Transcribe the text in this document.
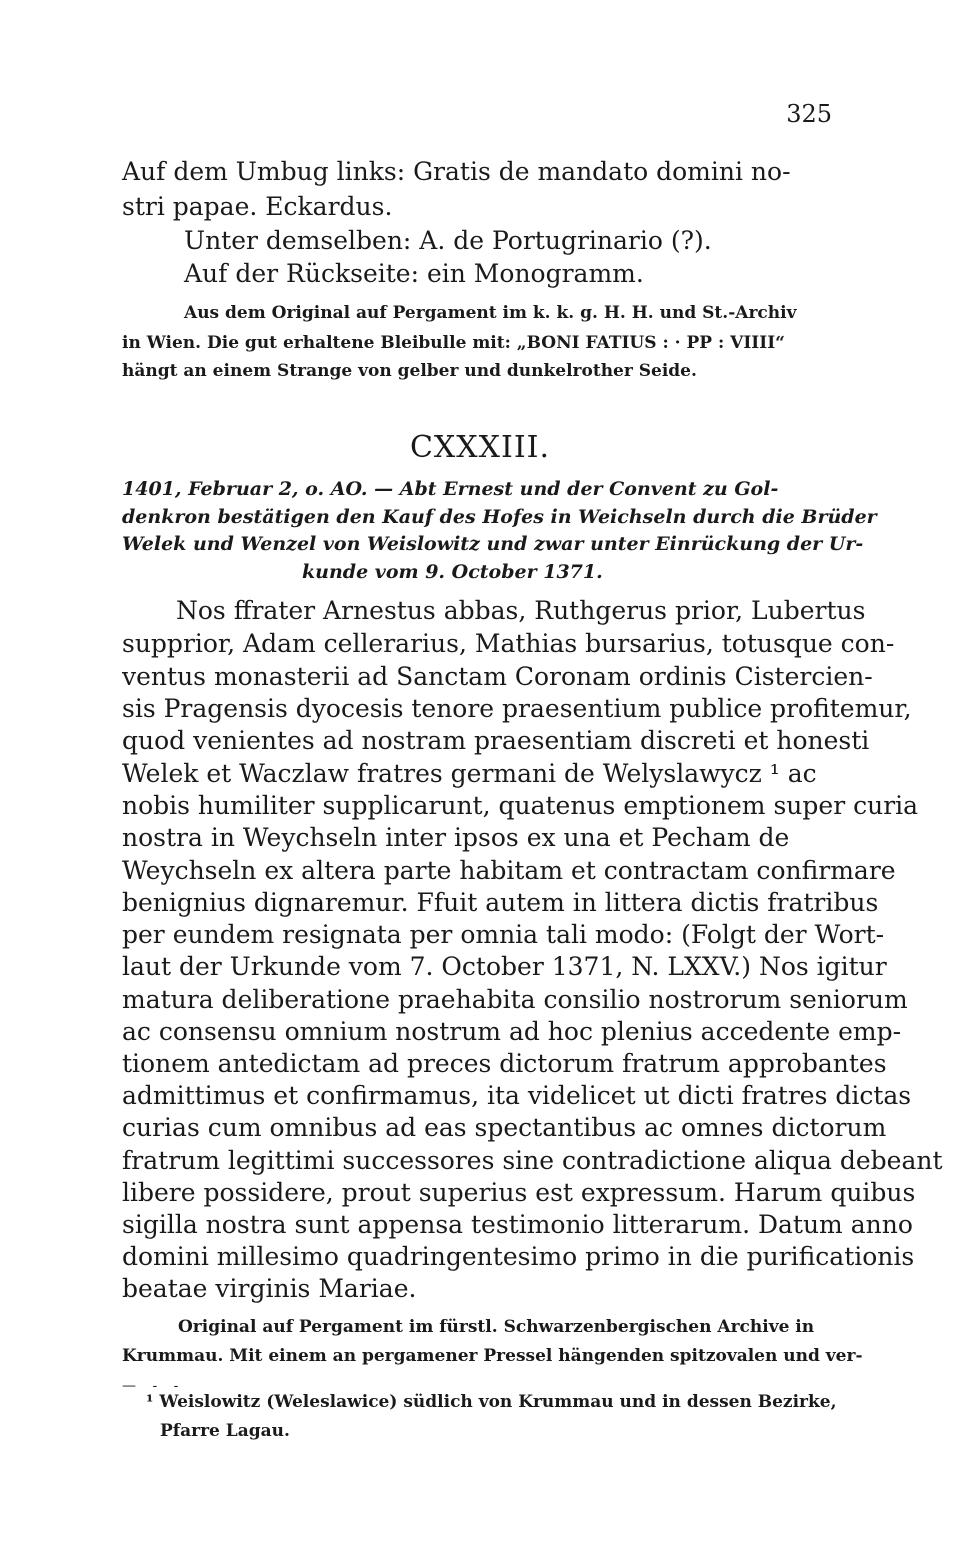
325
Auf dem Umbug links: Gratis de mandato domini no-
stri papae. Eckardus.
Unter demselben: A. de Portugrinario (?).
Auf der Rückseite: ein Monogramm.
Aus dem Original auf Pergament im k. k. g. H. H. und St.-Archiv
in Wien. Die gut erhaltene Bleibulle mit: „BONI FATIUS : · PP : VIIII“
hängt an einem Strange von gelber und dunkelrother Seide.
CXXXIII.
1401, Februar 2, o. AO. — Abt Ernest und der Convent zu Gol-
denkron bestätigen den Kauf des Hofes in Weichseln durch die Brüder
Welek und Wenzel von Weislowitz und zwar unter Einrückung der Ur-
kunde vom 9. October 1371.
Nos ffrater Arnestus abbas, Ruthgerus prior, Lubertus
supprior, Adam cellerarius, Mathias bursarius, totusque con-
ventus monasterii ad Sanctam Coronam ordinis Cistercien-
sis Pragensis dyocesis tenore praesentium publice profitemur,
quod venientes ad nostram praesentiam discreti et honesti
Welek et Waczlaw fratres germani de Welyslawycz ¹ ac
nobis humiliter supplicarunt, quatenus emptionem super curia
nostra in Weychseln inter ipsos ex una et Pecham de
Weychseln ex altera parte habitam et contractam confirmare
benignius dignaremur. Ffuit autem in littera dictis fratribus
per eundem resignata per omnia tali modo: (Folgt der Wort-
laut der Urkunde vom 7. October 1371, N. LXXV.) Nos igitur
matura deliberatione praehabita consilio nostrorum seniorum
ac consensu omnium nostrum ad hoc plenius accedente emp-
tionem antedictam ad preces dictorum fratrum approbantes
admittimus et confirmamus, ita videlicet ut dicti fratres dictas
curias cum omnibus ad eas spectantibus ac omnes dictorum
fratrum legittimi successores sine contradictione aliqua debeant
libere possidere, prout superius est expressum. Harum quibus
sigilla nostra sunt appensa testimonio litterarum. Datum anno
domini millesimo quadringentesimo primo in die purificationis
beatae virginis Mariae.
Original auf Pergament im fürstl. Schwarzenbergischen Archive in
Krummau. Mit einem an pergamener Pressel hängenden spitzovalen und ver-
— - -
¹ Weislowitz (Weleslawice) südlich von Krummau und in dessen Bezirke,
Pfarre Lagau.
